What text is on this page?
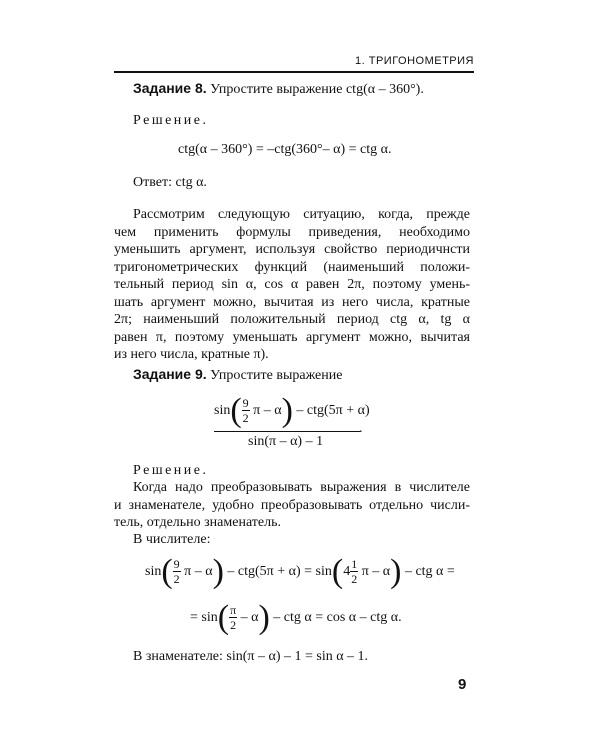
1. ТРИГОНОМЕТРИЯ
Задание 8. Упростите выражение ctg(α – 360°).
Решение.
ctg(α – 360°) = –ctg(360°– α) = ctg α.
Ответ: ctg α.
Рассмотрим следующую ситуацию, когда, прежде
чем применить формулы приведения, необходимо
уменьшить аргумент, используя свойство периодичнсти
тригонометрических функций (наименьший положи-
тельный период sin α, cos α равен 2π, поэтому умень-
шать аргумент можно, вычитая из него числа, кратные
2π; наименьший положительный период ctg α, tg α
равен π, поэтому уменьшать аргумент можно, вычитая
из него числа, кратные π).
Задание 9. Упростите выражение
$\sin( \frac{9}{2}$ π – α) – ctg(5π + α)
.
sin(π – α) – 1
Решение.
Когда надо преобразовывать выражения в числителе
и знаменателе, удобно преобразовывать отдельно числи-
тель, отдельно знаменатель.
В числителе:
$\sin( \frac{9}{2}$ $\pi - \alpha) - ctg(5\pi + \alpha) = \sin(4 \frac{1}{2}$ π – α) – ctg α =
= $\sin( \frac{\pi}{2} - \alpha)$ – ctg α = cos α – ctg α.
В знаменателе: sin(π – α) – 1 = sin α – 1.
9
